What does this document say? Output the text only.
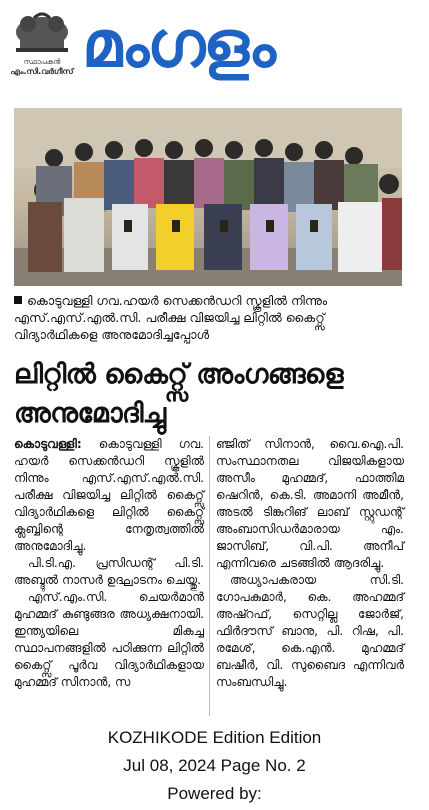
സ്ഥാപകൻ
എം.സി.വർഗീസ് മംഗളം
കൊടുവള്ളി ഗവ.ഹയർ സെക്കൻഡറി സ്കൂളിൽ നിന്നും എസ്.എസ്.എൽ.സി. പരീക്ഷ വിജയിച്ച ലിറ്റിൽ കൈറ്റ്സ് വിദ്യാർഥികളെ അനുമോദിച്ചപ്പോൾ
ലിറ്റിൽ കൈറ്റ്സ് അംഗങ്ങളെ അനുമോദിച്ചു

കൊടുവള്ളി: കൊടുവള്ളി ഗവ. ഹയർ സെക്കൻഡറി സ്കൂളിൽ നിന്നും എസ്.എസ്.എൽ.സി. പരീക്ഷ വിജയിച്ച ലിറ്റിൽ കൈറ്റ്സ് വിദ്യാർഥികളെ ലിറ്റിൽ കൈറ്റ്സ് ക്ലബ്ബിന്റെ നേതൃത്വത്തിൽ അനുമോദിച്ചു.

പി.ടി.എ. പ്രസിഡന്റ് പി.ടി. അബ്ദുൽ നാസർ ഉദ്ഘാടനം ചെയ്തു.

എസ്.എം.സി. ചെയർമാൻ മുഹമ്മദ് കുണ്ടുങ്ങര അധ്യക്ഷനായി. ഇന്ത്യയിലെ മികച്ച സ്ഥാപനങ്ങളിൽ പഠിക്കുന്ന ലിറ്റിൽ കൈറ്റ്സ് പൂർവ വിദ്യാർഥികളായ മുഹമ്മദ് സിനാൻ, സ

ഞ്ജിത് സിനാൻ, വൈ.ഐ.പി. സംസ്ഥാനതല വിജയികളായ അസീം മുഹമ്മദ്, ഫാത്തിമ ഷെറിൻ, കെ.ടി. അമാനി അമീൻ, അടൽ ടിങ്കറിങ് ലാബ് സ്റ്റുഡന്റ് അംബാസിഡർമാരായ എം. ജാസിബ്, വി.പി. അനീപ് എന്നിവരെ ചടങ്ങിൽ ആദരിച്ചു.

അധ്യാപകരായ സി.ടി. ഗോപകുമാർ, കെ. അഹമ്മദ് അഷ്റഫ്, സെറ്റില്ല ജോർജ്, ഫിർദൗസ് ബാനു, പി. റിഷ, പി. രമേശ്, കെ.എൻ. മുഹമ്മദ് ബഷീർ, വി. സുബൈദ എന്നിവർ സംബന്ധിച്ചു.

KOZHIKODE Edition Edition
Jul 08, 2024 Page No. 2
Powered by:
